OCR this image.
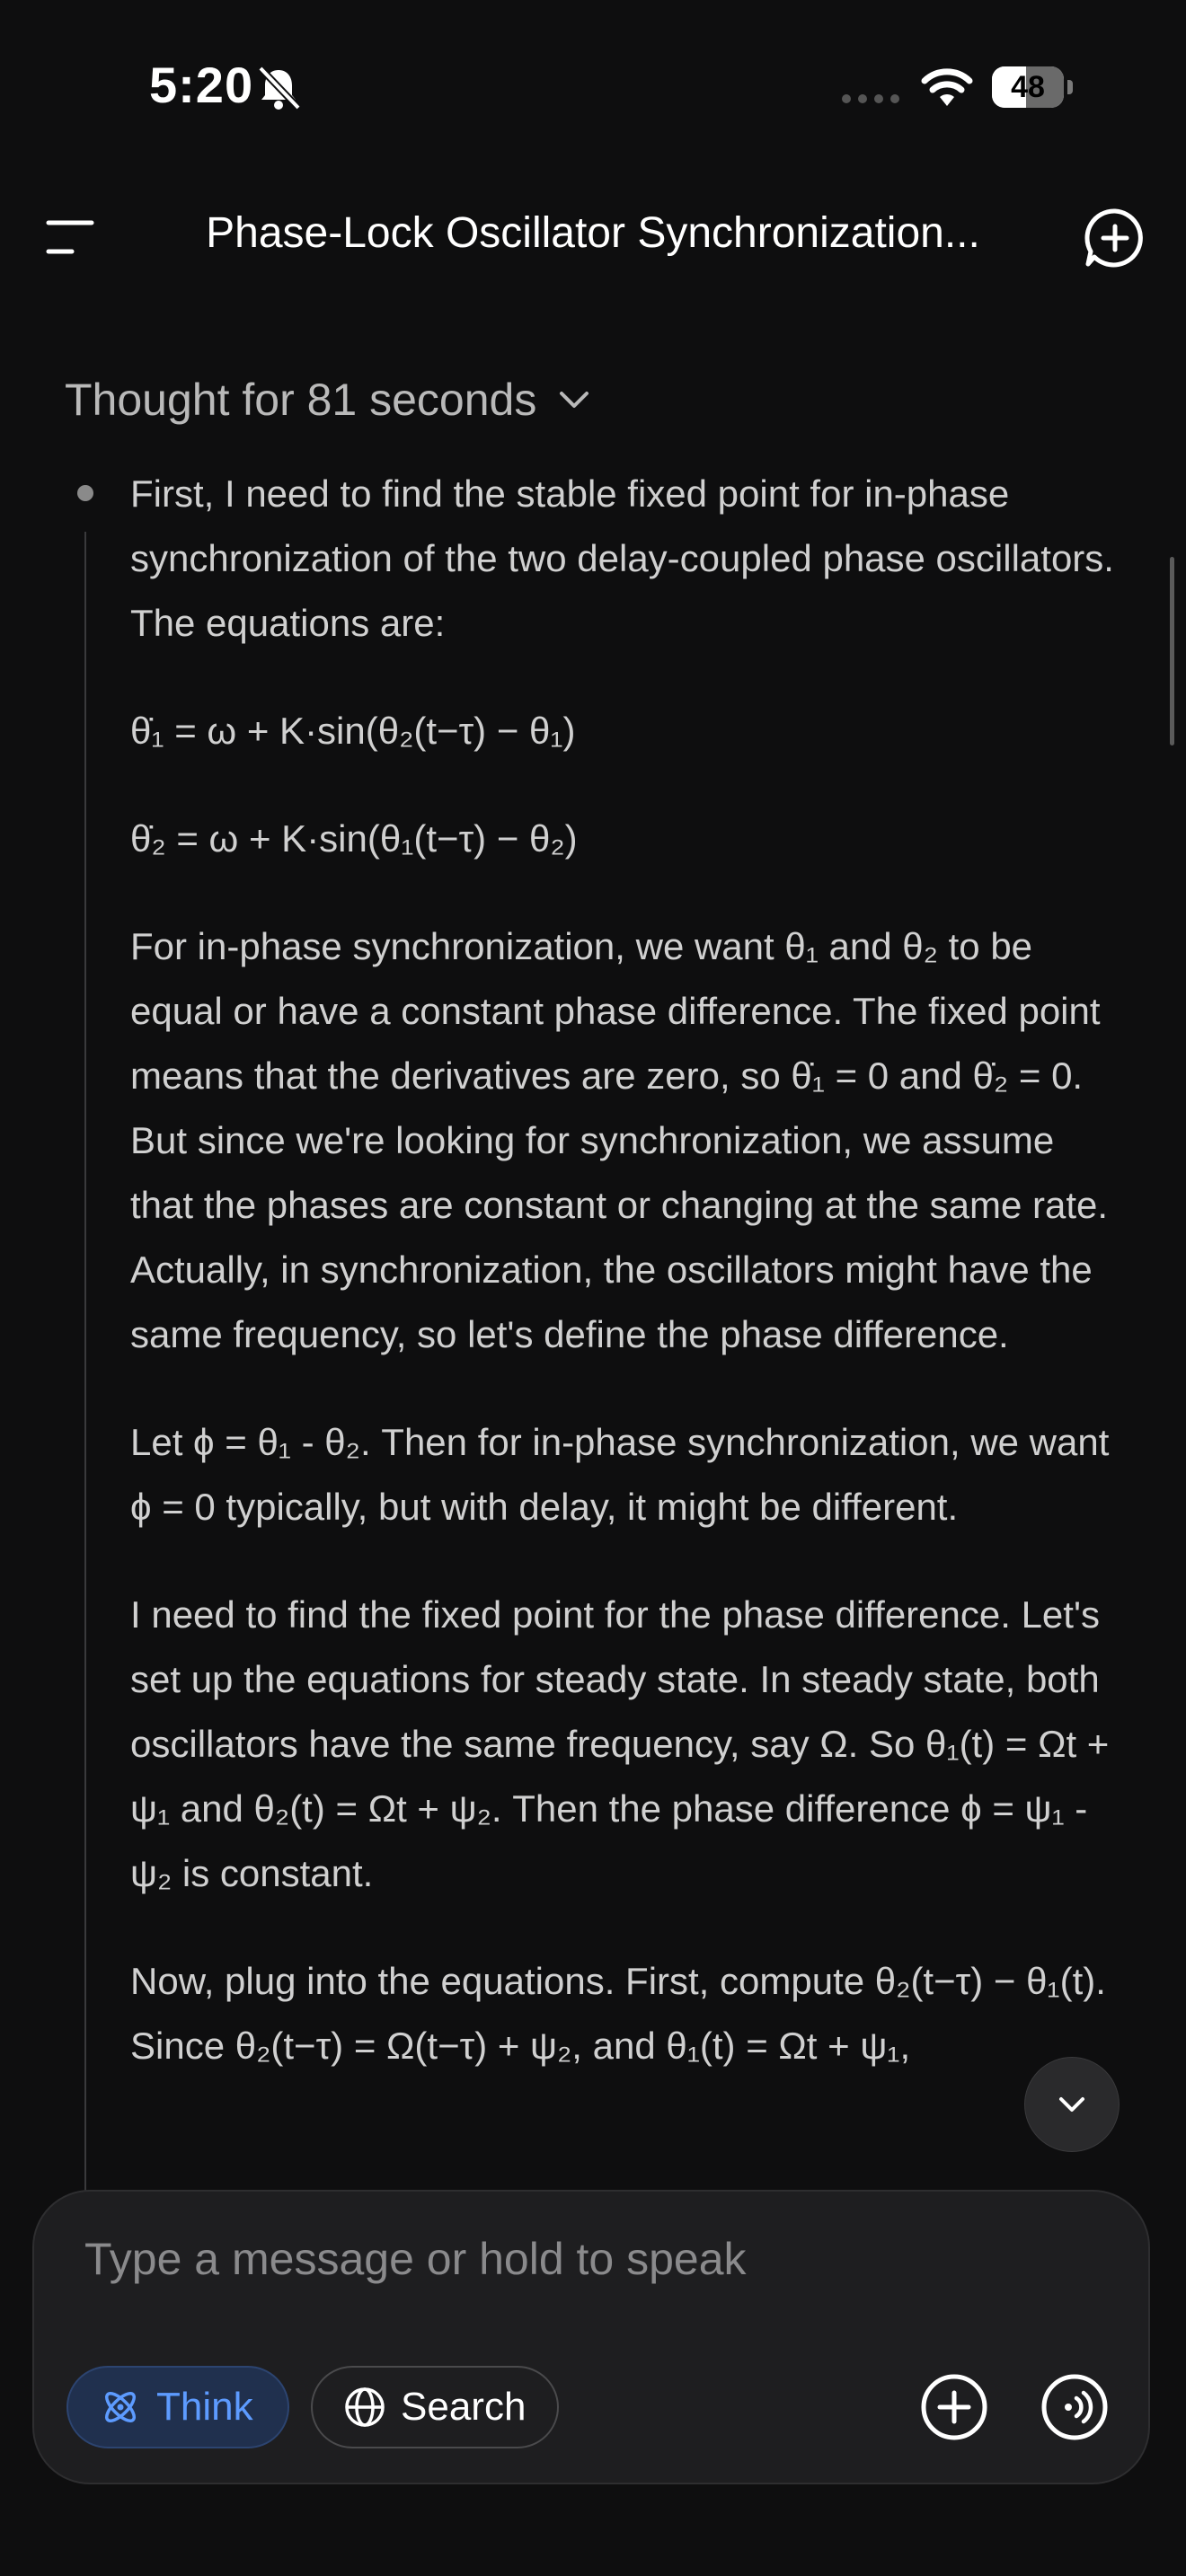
5:20	48
Phase-Lock Oscillator Synchronization...
Thought for 81 seconds

First, I need to find the stable fixed point for in-phase synchronization of the two delay-coupled phase oscillators. The equations are:

θ̇₁ = ω + K·sin(θ₂(t−τ) − θ₁)

θ̇₂ = ω + K·sin(θ₁(t−τ) − θ₂)

For in-phase synchronization, we want θ₁ and θ₂ to be equal or have a constant phase difference. The fixed point means that the derivatives are zero, so θ̇₁ = 0 and θ̇₂ = 0. But since we're looking for synchronization, we assume that the phases are constant or changing at the same rate. Actually, in synchronization, the oscillators might have the same frequency, so let's define the phase difference.

Let ϕ = θ₁ - θ₂. Then for in-phase synchronization, we want ϕ = 0 typically, but with delay, it might be different.

I need to find the fixed point for the phase difference. Let's set up the equations for steady state. In steady state, both oscillators have the same frequency, say Ω. So θ₁(t) = Ωt + ψ₁ and θ₂(t) = Ωt + ψ₂. Then the phase difference ϕ = ψ₁ - ψ₂ is constant.

Now, plug into the equations. First, compute θ₂(t−τ) − θ₁(t). Since θ₂(t−τ) = Ω(t−τ) + ψ₂, and θ₁(t) = Ωt + ψ₁,

Type a message or hold to speak
Think	Search
